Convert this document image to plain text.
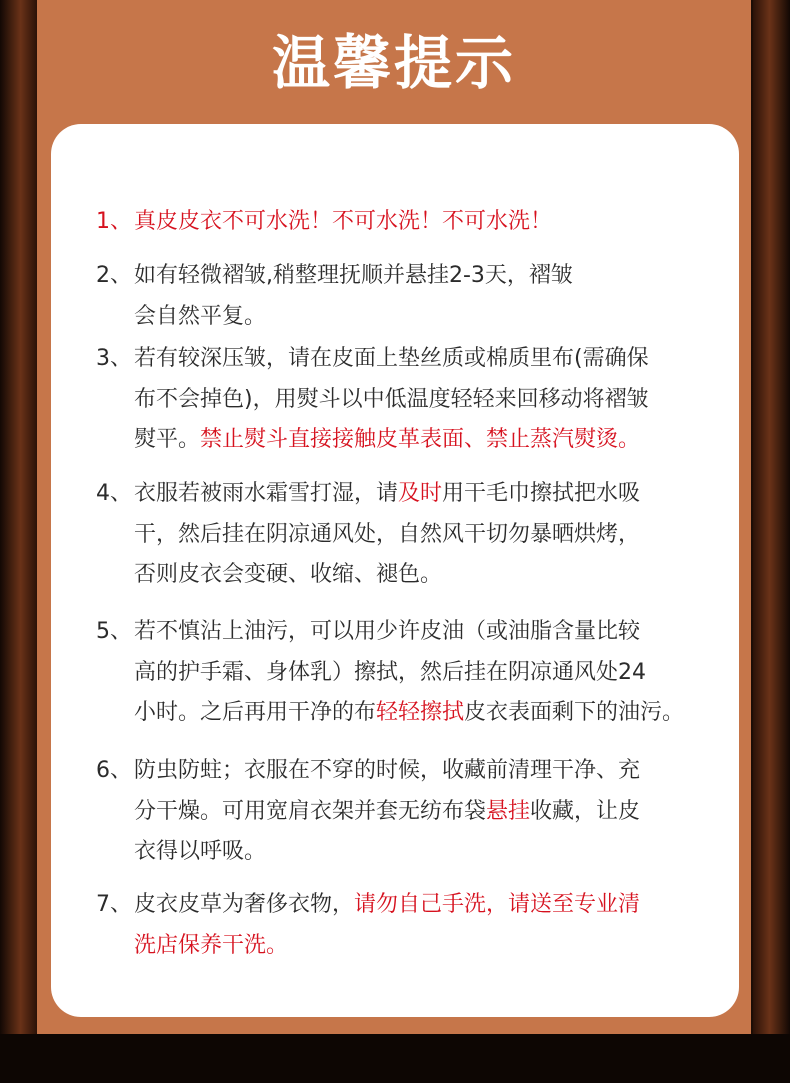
温馨提示
1、真皮皮衣不可水洗！不可水洗！不可水洗！
2、如有轻微褶皱,稍整理抚顺并悬挂2-3天，褶皱
会自然平复。
3、若有较深压皱，请在皮面上垫丝质或棉质里布(需确保
布不会掉色)，用熨斗以中低温度轻轻来回移动将褶皱
熨平。禁止熨斗直接接触皮革表面、禁止蒸汽熨烫。
4、衣服若被雨水霜雪打湿，请及时用干毛巾擦拭把水吸
干，然后挂在阴凉通风处，自然风干切勿暴晒烘烤，
否则皮衣会变硬、收缩、褪色。
5、若不慎沾上油污，可以用少许皮油（或油脂含量比较
高的护手霜、身体乳）擦拭，然后挂在阴凉通风处24
小时。之后再用干净的布轻轻擦拭皮衣表面剩下的油污。
6、防虫防蛀；衣服在不穿的时候，收藏前清理干净、充
分干燥。可用宽肩衣架并套无纺布袋悬挂收藏，让皮
衣得以呼吸。
7、皮衣皮草为奢侈衣物，请勿自己手洗，请送至专业清
洗店保养干洗。
